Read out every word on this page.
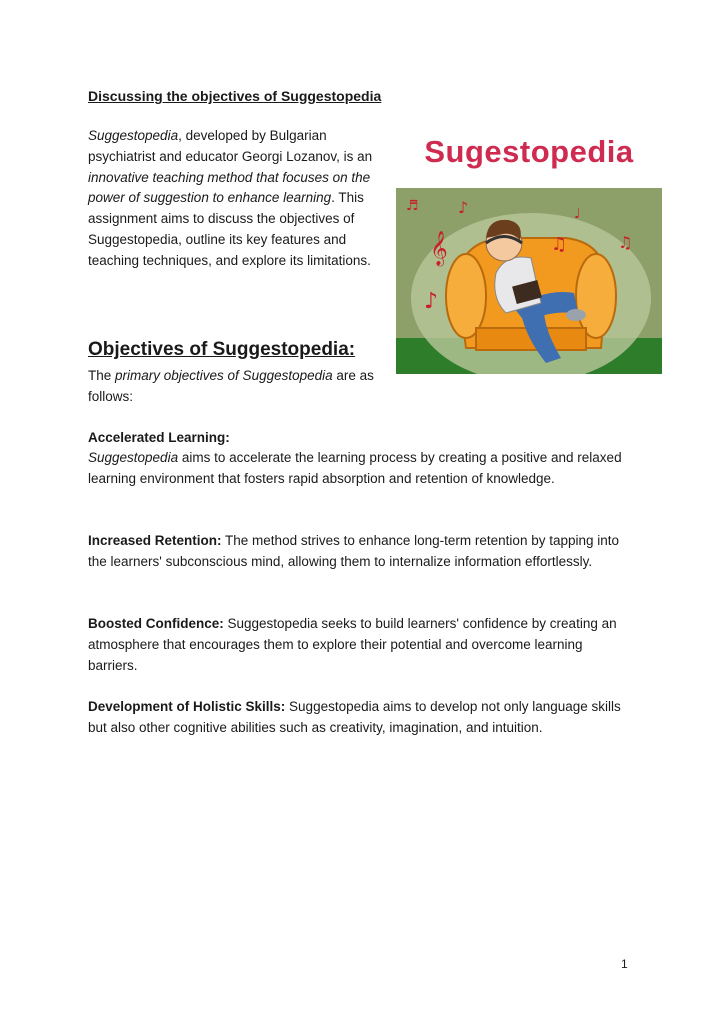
Discussing the objectives of Suggestopedia

Suggestopedia, developed by Bulgarian psychiatrist and educator Georgi Lozanov, is an innovative teaching method that focuses on the power of suggestion to enhance learning. This assignment aims to discuss the objectives of Suggestopedia, outline its key features and teaching techniques, and explore its limitations.

Sugestopedia
𝄞
♪
♫
♪	♩
♫
♬
Objectives of Suggestopedia:

The primary objectives of Suggestopedia are as follows:

Accelerated Learning:

Suggestopedia aims to accelerate the learning process by creating a positive and relaxed learning environment that fosters rapid absorption and retention of knowledge.

Increased Retention: The method strives to enhance long-term retention by tapping into the learners' subconscious mind, allowing them to internalize information effortlessly.

Boosted Confidence: Suggestopedia seeks to build learners' confidence by creating an atmosphere that encourages them to explore their potential and overcome learning barriers.

Development of Holistic Skills: Suggestopedia aims to develop not only language skills but also other cognitive abilities such as creativity, imagination, and intuition.

1
